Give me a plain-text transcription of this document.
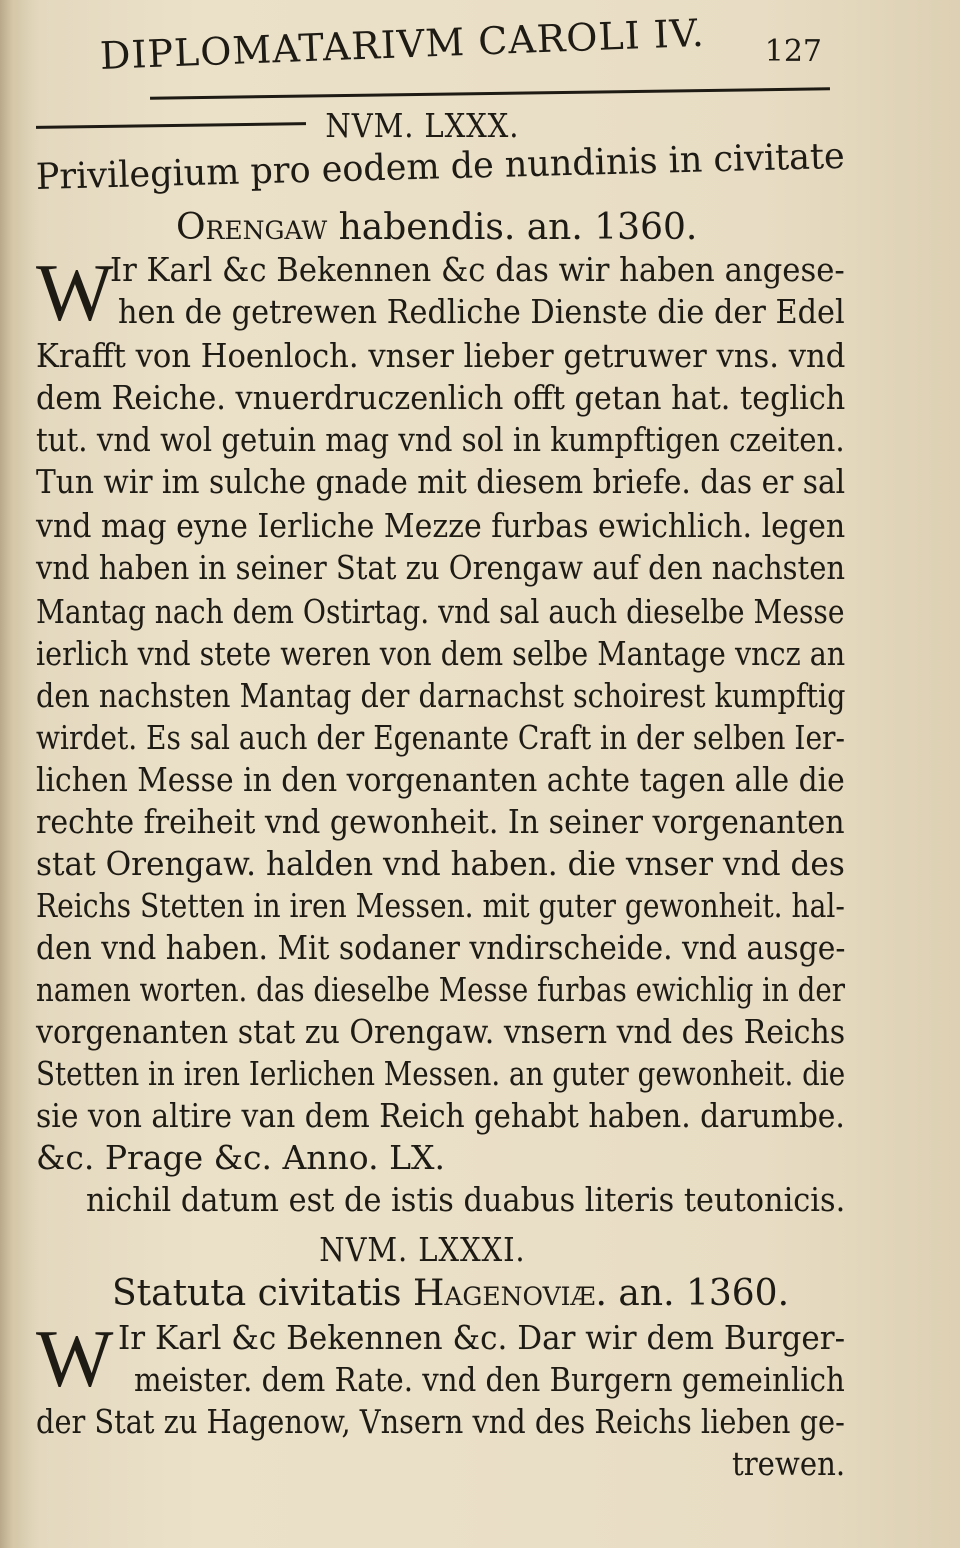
DIPLOMATARIVM CAROLI IV.	127
NVM. LXXX.
Privilegium pro eodem de nundinis in civitate
Orengaw habendis. an. 1360.
W
Ir Karl &c Bekennen &c das wir haben angese-
hen de getrewen Redliche Dienste die der Edel
Krafft von Hoenloch. vnser lieber getruwer vns. vnd
dem Reiche. vnuerdruczenlich offt getan hat. teglich
tut. vnd wol getuin mag vnd sol in kumpftigen czeiten.
Tun wir im sulche gnade mit diesem briefe. das er sal
vnd mag eyne Ierliche Mezze furbas ewichlich. legen
vnd haben in seiner Stat zu Orengaw auf den nachsten
Mantag nach dem Ostirtag. vnd sal auch dieselbe Messe
ierlich vnd stete weren von dem selbe Mantage vncz an
den nachsten Mantag der darnachst schoirest kumpftig
wirdet. Es sal auch der Egenante Craft in der selben Ier-
lichen Messe in den vorgenanten achte tagen alle die
rechte freiheit vnd gewonheit. In seiner vorgenanten
stat Orengaw. halden vnd haben. die vnser vnd des
Reichs Stetten in iren Messen. mit guter gewonheit. hal-
den vnd haben. Mit sodaner vndirscheide. vnd ausge-
namen worten. das dieselbe Messe furbas ewichlig in der
vorgenanten stat zu Orengaw. vnsern vnd des Reichs
Stetten in iren Ierlichen Messen. an guter gewonheit. die
sie von altire van dem Reich gehabt haben. darumbe.
&c. Prage &c. Anno. LX.
nichil datum est de istis duabus literis teutonicis.
NVM. LXXXI.
Statuta civitatis Hagenoviæ. an. 1360.
W Ir Karl &c Bekennen &c. Dar wir dem Burger-
meister. dem Rate. vnd den Burgern gemeinlich
der Stat zu Hagenow, Vnsern vnd des Reichs lieben ge-
trewen.
